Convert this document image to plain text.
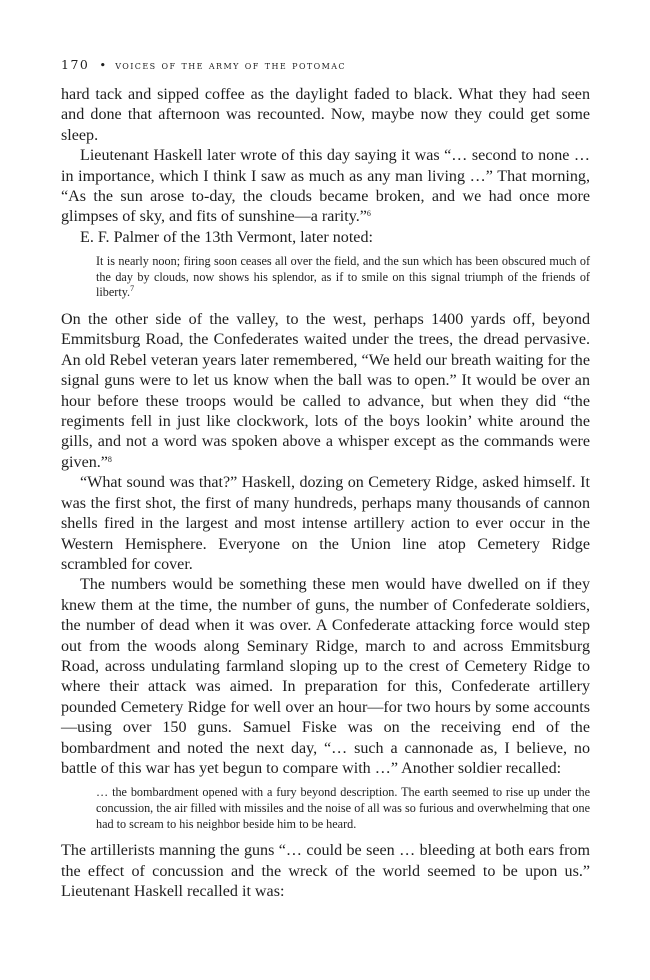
170 • voices of the army of the potomac

hard tack and sipped coffee as the daylight faded to black. What they had seen and done that afternoon was recounted. Now, maybe now they could get some sleep.

Lieutenant Haskell later wrote of this day saying it was “… second to none … in importance, which I think I saw as much as any man living …” That morning, “As the sun arose to-day, the clouds became broken, and we had once more glimpses of sky, and fits of sunshine—a rarity.”$^6$

E. F. Palmer of the 13th Vermont, later noted:

It is nearly noon; firing soon ceases all over the field, and the sun which has been obscured much of the day by clouds, now shows his splendor, as if to smile on this signal triumph of the friends of liberty.$^7$

On the other side of the valley, to the west, perhaps 1400 yards off, beyond Emmitsburg Road, the Confederates waited under the trees, the dread pervasive. An old Rebel veteran years later remembered, “We held our breath waiting for the signal guns were to let us know when the ball was to open.” It would be over an hour before these troops would be called to advance, but when they did “the regiments fell in just like clockwork, lots of the boys lookin’ white around the gills, and not a word was spoken above a whisper except as the commands were given.”$^8$

“What sound was that?” Haskell, dozing on Cemetery Ridge, asked himself. It was the first shot, the first of many hundreds, perhaps many thousands of cannon shells fired in the largest and most intense artillery action to ever occur in the Western Hemisphere. Everyone on the Union line atop Cemetery Ridge scrambled for cover.

The numbers would be something these men would have dwelled on if they knew them at the time, the number of guns, the number of Confederate soldiers, the number of dead when it was over. A Confederate attacking force would step out from the woods along Seminary Ridge, march to and across Emmitsburg Road, across undulating farmland sloping up to the crest of Cemetery Ridge to where their attack was aimed. In preparation for this, Confederate artillery pounded Cemetery Ridge for well over an hour—for two hours by some accounts—using over 150 guns. Samuel Fiske was on the receiving end of the bombardment and noted the next day, “… such a cannonade as, I believe, no battle of this war has yet begun to compare with …” Another soldier recalled:

… the bombardment opened with a fury beyond description. The earth seemed to rise up under the concussion, the air filled with missiles and the noise of all was so furious and overwhelming that one had to scream to his neighbor beside him to be heard.

The artillerists manning the guns “… could be seen … bleeding at both ears from the effect of concussion and the wreck of the world seemed to be upon us.” Lieutenant Haskell recalled it was:
